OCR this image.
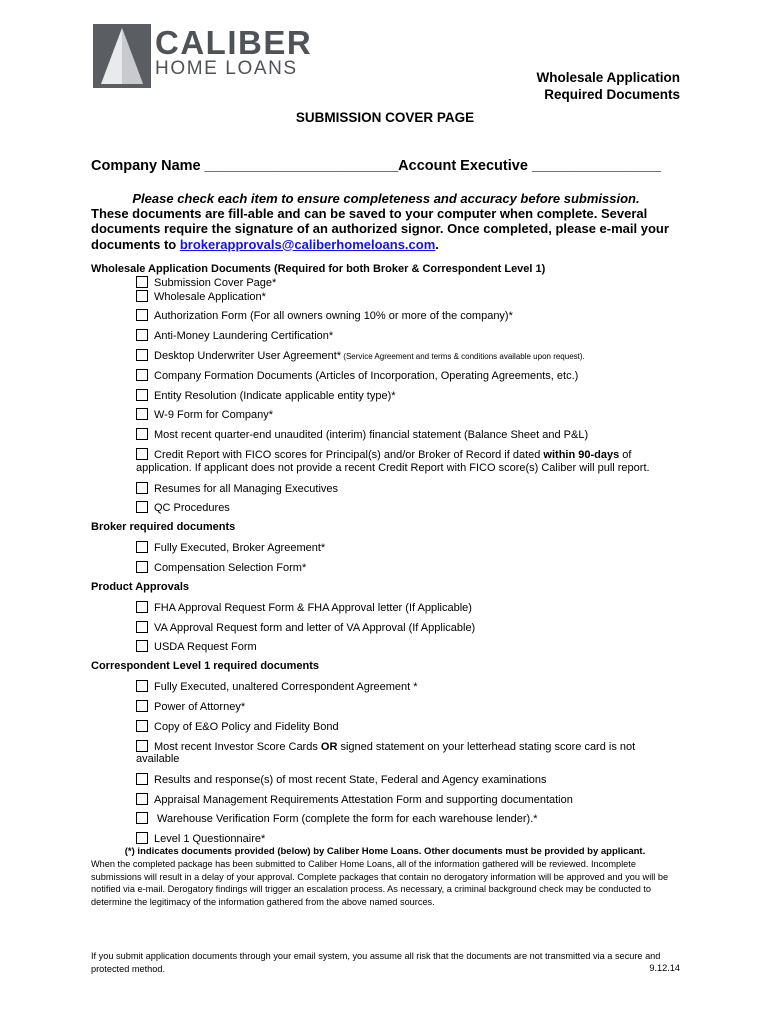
CALIBER
HOME LOANS	Wholesale Application
Required Documents
SUBMISSION COVER PAGE
Company Name ________________________Account Executive ________________
Please check each item to ensure completeness and accuracy before submission.
These documents are fill-able and can be saved to your computer when complete. Several documents require the signature of an authorized signor. Once completed, please e-mail your documents to brokerapprovals@caliberhomeloans.com.
Wholesale Application Documents (Required for both Broker & Correspondent Level 1)
Submission Cover Page*
Wholesale Application*
Authorization Form (For all owners owning 10% or more of the company)*
Anti-Money Laundering Certification*
Desktop Underwriter User Agreement* (Service Agreement and terms & conditions available upon request).
Company Formation Documents (Articles of Incorporation, Operating Agreements, etc.)
Entity Resolution (Indicate applicable entity type)*
W-9 Form for Company*
Most recent quarter-end unaudited (interim) financial statement (Balance Sheet and P&L)
Credit Report with FICO scores for Principal(s) and/or Broker of Record if dated within 90-days of
application. If applicant does not provide a recent Credit Report with FICO score(s) Caliber will pull report.
Resumes for all Managing Executives
QC Procedures
Broker required documents
Fully Executed, Broker Agreement*
Compensation Selection Form*
Product Approvals
FHA Approval Request Form & FHA Approval letter (If Applicable)
VA Approval Request form and letter of VA Approval (If Applicable)
USDA Request Form
Correspondent Level 1 required documents
Fully Executed, unaltered Correspondent Agreement *
Power of Attorney*
Copy of E&O Policy and Fidelity Bond
Most recent Investor Score Cards OR signed statement on your letterhead stating score card is not
available
Results and response(s) of most recent State, Federal and Agency examinations
Appraisal Management Requirements Attestation Form and supporting documentation
Warehouse Verification Form (complete the form for each warehouse lender).*
Level 1 Questionnaire*
(*) indicates documents provided (below) by Caliber Home Loans. Other documents must be provided by applicant.
When the completed package has been submitted to Caliber Home Loans, all of the information gathered will be reviewed. Incomplete submissions will result in a delay of your approval. Complete packages that contain no derogatory information will be approved and you will be notified via e-mail. Derogatory findings will trigger an escalation process. As necessary, a criminal background check may be conducted to determine the legitimacy of the information gathered from the above named sources.
If you submit application documents through your email system, you assume all risk that the documents are not transmitted via a secure and protected method.	9.12.14
